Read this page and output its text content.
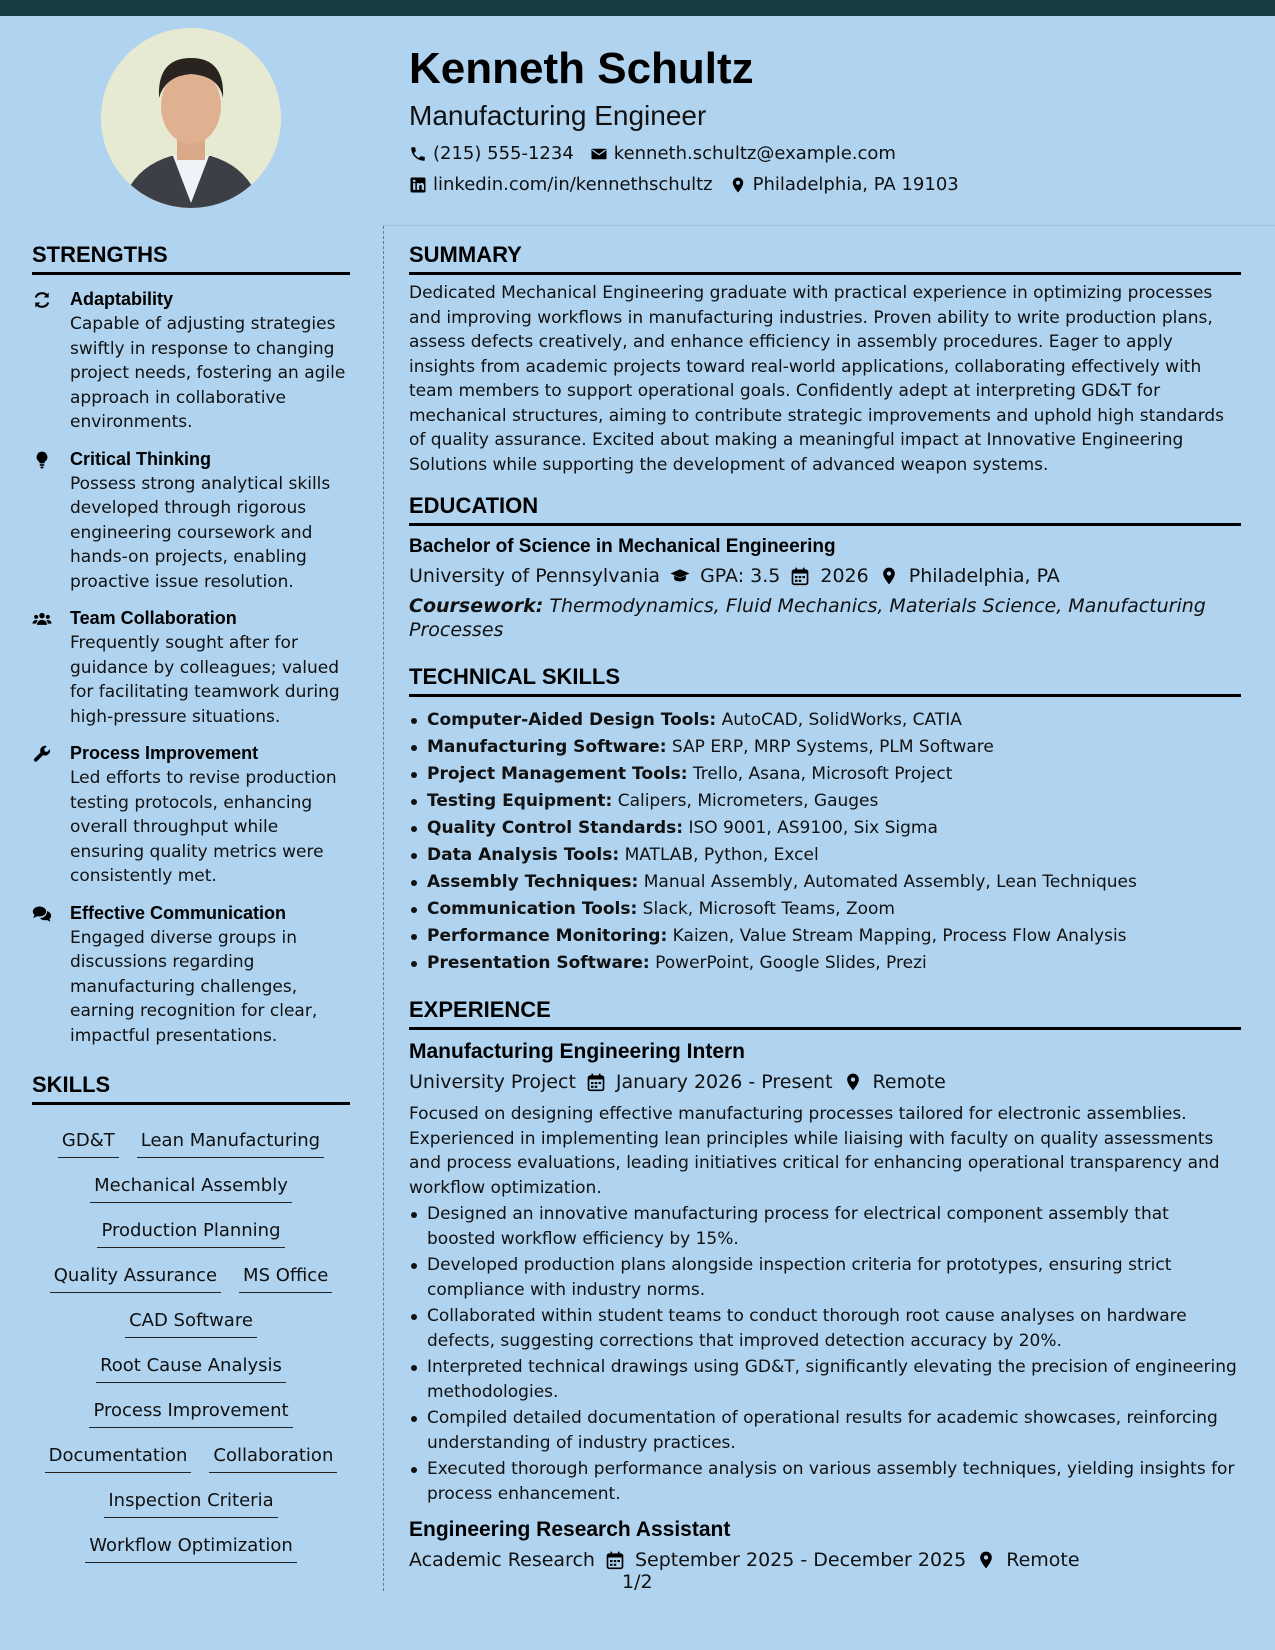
Kenneth Schultz
Manufacturing Engineer
(215) 555-1234 kenneth.schultz@example.com
linkedin.com/in/kennethschultz Philadelphia, PA 19103
STRENGTHS
Adaptability
Capable of adjusting strategies swiftly in response to changing project needs, fostering an agile approach in collaborative environments.
Critical Thinking
Possess strong analytical skills developed through rigorous engineering coursework and hands-on projects, enabling proactive issue resolution.
Team Collaboration
Frequently sought after for guidance by colleagues; valued for facilitating teamwork during high-pressure situations.
Process Improvement
Led efforts to revise production testing protocols, enhancing overall throughput while ensuring quality metrics were consistently met.
Effective Communication
Engaged diverse groups in discussions regarding manufacturing challenges, earning recognition for clear, impactful presentations.
SKILLS
GD&T Lean Manufacturing
Mechanical Assembly
Production Planning
Quality Assurance MS Office
CAD Software
Root Cause Analysis
Process Improvement
Documentation Collaboration
Inspection Criteria
Workflow Optimization
SUMMARY

Dedicated Mechanical Engineering graduate with practical experience in optimizing processes and improving workflows in manufacturing industries. Proven ability to write production plans, assess defects creatively, and enhance efficiency in assembly procedures. Eager to apply insights from academic projects toward real-world applications, collaborating effectively with team members to support operational goals. Confidently adept at interpreting GD&T for mechanical structures, aiming to contribute strategic improvements and uphold high standards of quality assurance. Excited about making a meaningful impact at Innovative Engineering Solutions while supporting the development of advanced weapon systems.

EDUCATION
Bachelor of Science in Mechanical Engineering
University of Pennsylvania GPA: 3.5 2026 Philadelphia, PA
Coursework: Thermodynamics, Fluid Mechanics, Materials Science, Manufacturing Processes
TECHNICAL SKILLS
Computer-Aided Design Tools: AutoCAD, SolidWorks, CATIA
Manufacturing Software: SAP ERP, MRP Systems, PLM Software
Project Management Tools: Trello, Asana, Microsoft Project
Testing Equipment: Calipers, Micrometers, Gauges
Quality Control Standards: ISO 9001, AS9100, Six Sigma
Data Analysis Tools: MATLAB, Python, Excel
Assembly Techniques: Manual Assembly, Automated Assembly, Lean Techniques
Communication Tools: Slack, Microsoft Teams, Zoom
Performance Monitoring: Kaizen, Value Stream Mapping, Process Flow Analysis
Presentation Software: PowerPoint, Google Slides, Prezi
EXPERIENCE
Manufacturing Engineering Intern
University Project January 2026 - Present Remote

Focused on designing effective manufacturing processes tailored for electronic assemblies. Experienced in implementing lean principles while liaising with faculty on quality assessments and process evaluations, leading initiatives critical for enhancing operational transparency and workflow optimization.

Designed an innovative manufacturing process for electrical component assembly that boosted workflow efficiency by 15%.
Developed production plans alongside inspection criteria for prototypes, ensuring strict compliance with industry norms.
Collaborated within student teams to conduct thorough root cause analyses on hardware defects, suggesting corrections that improved detection accuracy by 20%.
Interpreted technical drawings using GD&T, significantly elevating the precision of engineering methodologies.
Compiled detailed documentation of operational results for academic showcases, reinforcing understanding of industry practices.
Executed thorough performance analysis on various assembly techniques, yielding insights for process enhancement.
Engineering Research Assistant
Academic Research September 2025 - December 2025 Remote
1/2
